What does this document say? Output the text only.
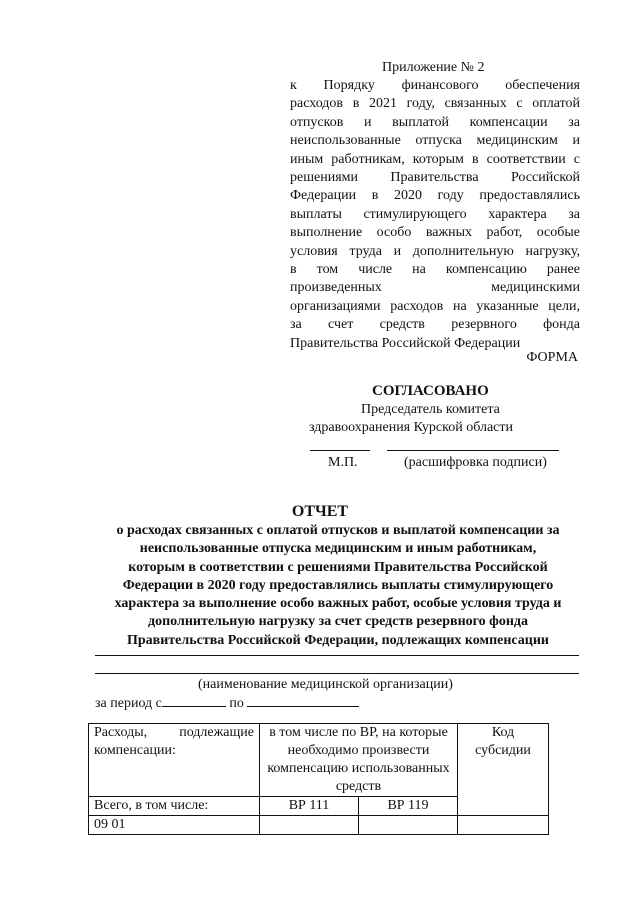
Приложение № 2
к Порядку финансового обеспечения
расходов в 2021 году, связанных с оплатой
отпусков и выплатой компенсации за
неиспользованные отпуска медицинским и
иным работникам, которым в соответствии с
решениями Правительства Российской
Федерации в 2020 году предоставлялись
выплаты стимулирующего характера за
выполнение особо важных работ, особые
условия труда и дополнительную нагрузку,
в том числе на компенсацию ранее
произведенных медицинскими
организациями расходов на указанные цели,
за счет средств резервного фонда
Правительства Российской Федерации
ФОРМА
СОГЛАСОВАНО
Председатель комитета
здравоохранения Курской области
М.П.	(расшифровка подписи)
ОТЧЕТ
о расходах связанных с оплатой отпусков и выплатой компенсации за
неиспользованные отпуска медицинским и иным работникам,
которым в соответствии с решениями Правительства Российской
Федерации в 2020 году предоставлялись выплаты стимулирующего
характера за выполнение особо важных работ, особые условия труда и
дополнительную нагрузку за счет средств резервного фонда
Правительства Российской Федерации, подлежащих компенсации
(наименование медицинской организации)
за период с	по
Расходы, подлежащие компенсации:	в том числе по ВР, на которые необходимо произвести компенсацию использованных средств		Код субсидии
Всего, в том числе:	ВР 111	ВР 119	
09 01			
